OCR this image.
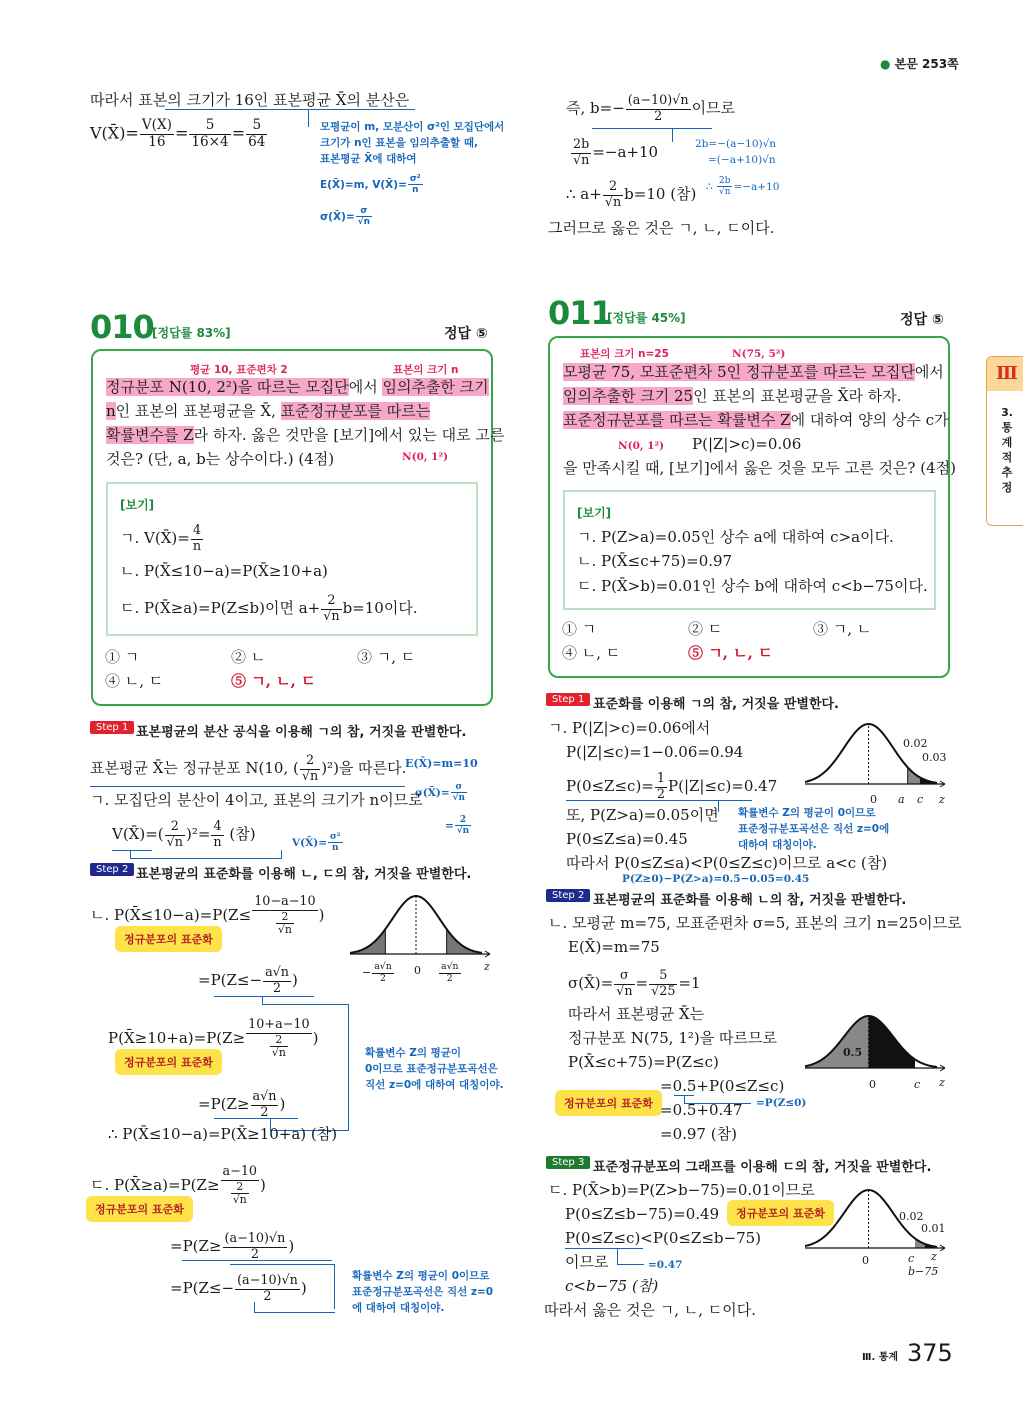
● 본문 253쪽
따라서 표본의 크기가 16인 표본평균 X̄의 분산은
V(X̄)= $\frac{V(X)}{16} = \frac{5}{16\times 4} = \frac{5}{64}$	모평균이 m, 모분산이 σ²인 모집단에서
크기가 n인 표본을 임의추출할 때,
표본평균 X̄에 대하여
E(X̄)=m, V(X̄)= $\frac{\text{σ²}}{n}$
σ(X̄)= $\frac{\sigma}{√n}$
즉, $b=- \frac{(a-10)√n}{2}$ 이므로
$\frac{2b}{√n} =-a+10$	2b=−(a−10)√n
=(−a+10)√n
∴ $a+ \frac{2}{√n} b=10$ (참) ∴ $\frac{2b}{√n} =-a+10$
그러므로 옳은 것은 ㄱ, ㄴ, ㄷ이다.
010
[정답률 83%]	정답 ⑤
평균 10, 표준편차 2	표본의 크기 n
정규분포 N(10, 2²)을 따르는 모집단에서 임의추출한 크기
n인 표본의 표본평균을 X̄, 표준정규분포를 따르는
확률변수를 Z라 하자. 옳은 것만을 [보기]에서 있는 대로 고른
것은? (단, a, b는 상수이다.) (4점)	N(0, 1²)
[보기]
ㄱ. V(X̄)= $\frac{4}{n}$
ㄴ. P(X̄≤10−a)=P(X̄≥10+a)
ㄷ. P(X̄≥a)=P(Z≤b)이면 $a+ \frac{2}{√n} b=10$이다.
① ㄱ	② ㄴ	③ ㄱ, ㄷ
④ ㄴ, ㄷ	⑤ ㄱ, ㄴ, ㄷ
Step 1 표본평균의 분산 공식을 이용해 ㄱ의 참, 거짓을 판별한다.
표본평균 X̄는 정규분포 N(10, ( $\frac{2}{√n} )^2$)을 따른다.
E(X̄)=m=10
σ(X̄)= $\frac{\sigma}{√n}$
= $\frac{2}{√n}$
ㄱ. 모집단의 분산이 4이고, 표본의 크기가 n이므로
V(X̄)=( $\frac{2}{√n} )^2= \frac{4}{n}$ (참)	V(X̄)= $\frac{\text{σ²}}{n}$
Step 2 표본평균의 표준화를 이용해 ㄴ, ㄷ의 참, 거짓을 판별한다.
ㄴ. P(X̄≤10−a)=P(Z≤ $\frac{10-a-10}{\frac{2}{√n}}$ )
정규분포의 표준화
$=P(Z\le- \frac{a√n}{2}$ )
P(X̄≥10+a)=P(Z≥ $\frac{10+a-10}{\frac{2}{√n}}$ )
정규분포의 표준화
$=P(Z\ge \frac{a√n}{2}$ )
확률변수 Z의 평균이
0이므로 표준정규분포곡선은
직선 z=0에 대하여 대칭이야.
∴ P(X̄≤10−a)=P(X̄≥10+a) (참)
− $\frac{a√n}{2} 0 \frac{a√n}{2}$ z
ㄷ. P(X̄≥a)=P(Z≥ $\frac{a-10}{\frac{2}{√n}}$ )
정규분포의 표준화
$=P(Z\ge \frac{(a-10)√n}{2}$ )
$=P(Z\le- \frac{(a-10)√n}{2}$ )
확률변수 Z의 평균이 0이므로
표준정규분포곡선은 직선 z=0
에 대하여 대칭이야.
011
[정답률 45%]	정답 ⑤
표본의 크기 n=25	N(75, 5²)
모평균 75, 모표준편차 5인 정규분포를 따르는 모집단에서
임의추출한 크기 25인 표본의 표본평균을 X̄라 하자.
표준정규분포를 따르는 확률변수 Z에 대하여 양의 상수 c가
N(0, 1²) P(|Z|>c)=0.06
을 만족시킬 때, [보기]에서 옳은 것을 모두 고른 것은? (4점)
[보기]
ㄱ. P(Z>a)=0.05인 상수 a에 대하여 c>a이다.
ㄴ. P(X̄≤c+75)=0.97
ㄷ. P(X̄>b)=0.01인 상수 b에 대하여 c<b−75이다.
① ㄱ	② ㄷ	③ ㄱ, ㄴ
④ ㄴ, ㄷ	⑤ ㄱ, ㄴ, ㄷ
Step 1 표준화를 이용해 ㄱ의 참, 거짓을 판별한다.
ㄱ. P(|Z|>c)=0.06에서
P(|Z|≤c)=1−0.06=0.94
$P(0\le Z\le c)= \frac{1}{2} P(|Z|\le c)=0.47$
또, P(Z>a)=0.05이면
P(0≤Z≤a)=0.45
확률변수 Z의 평균이 0이므로
표준정규분포곡선은 직선 z=0에
대하여 대칭이야.
따라서 P(0≤Z≤a)<P(0≤Z≤c)이므로 a<c (참)
P(Z≥0)−P(Z>a)=0.5−0.05=0.45
0.02
0.03
0 a c z
Step 2 표본평균의 표준화를 이용해 ㄴ의 참, 거짓을 판별한다.
ㄴ. 모평균 m=75, 모표준편차 σ=5, 표본의 크기 n=25이므로
E(X̄)=m=75
σ(X̄)= $\frac{\sigma}{√n} = \frac{5}{√25} =1$
따라서 표본평균 X̄는
정규분포 N(75, 1²)을 따르므로
P(X̄≤c+75)=P(Z≤c)
정규분포의 표준화
=0.5+P(0≤Z≤c)
=P(Z≤0)
=0.5+0.47
=0.97 (참)
0.5
0	c z
Step 3 표준정규분포의 그래프를 이용해 ㄷ의 참, 거짓을 판별한다.
ㄷ. P(X̄>b)=P(Z>b−75)=0.01이므로
P(0≤Z≤b−75)=0.49	정규분포의 표준화
P(0≤Z≤c)<P(0≤Z≤b−75)
이므로	=0.47
c<b−75 (참)
따라서 옳은 것은 ㄱ, ㄴ, ㄷ이다.
0.02
0.01
0	c z
b−75
Ⅲ
3. 통계적 추정
Ⅲ. 통계 375
